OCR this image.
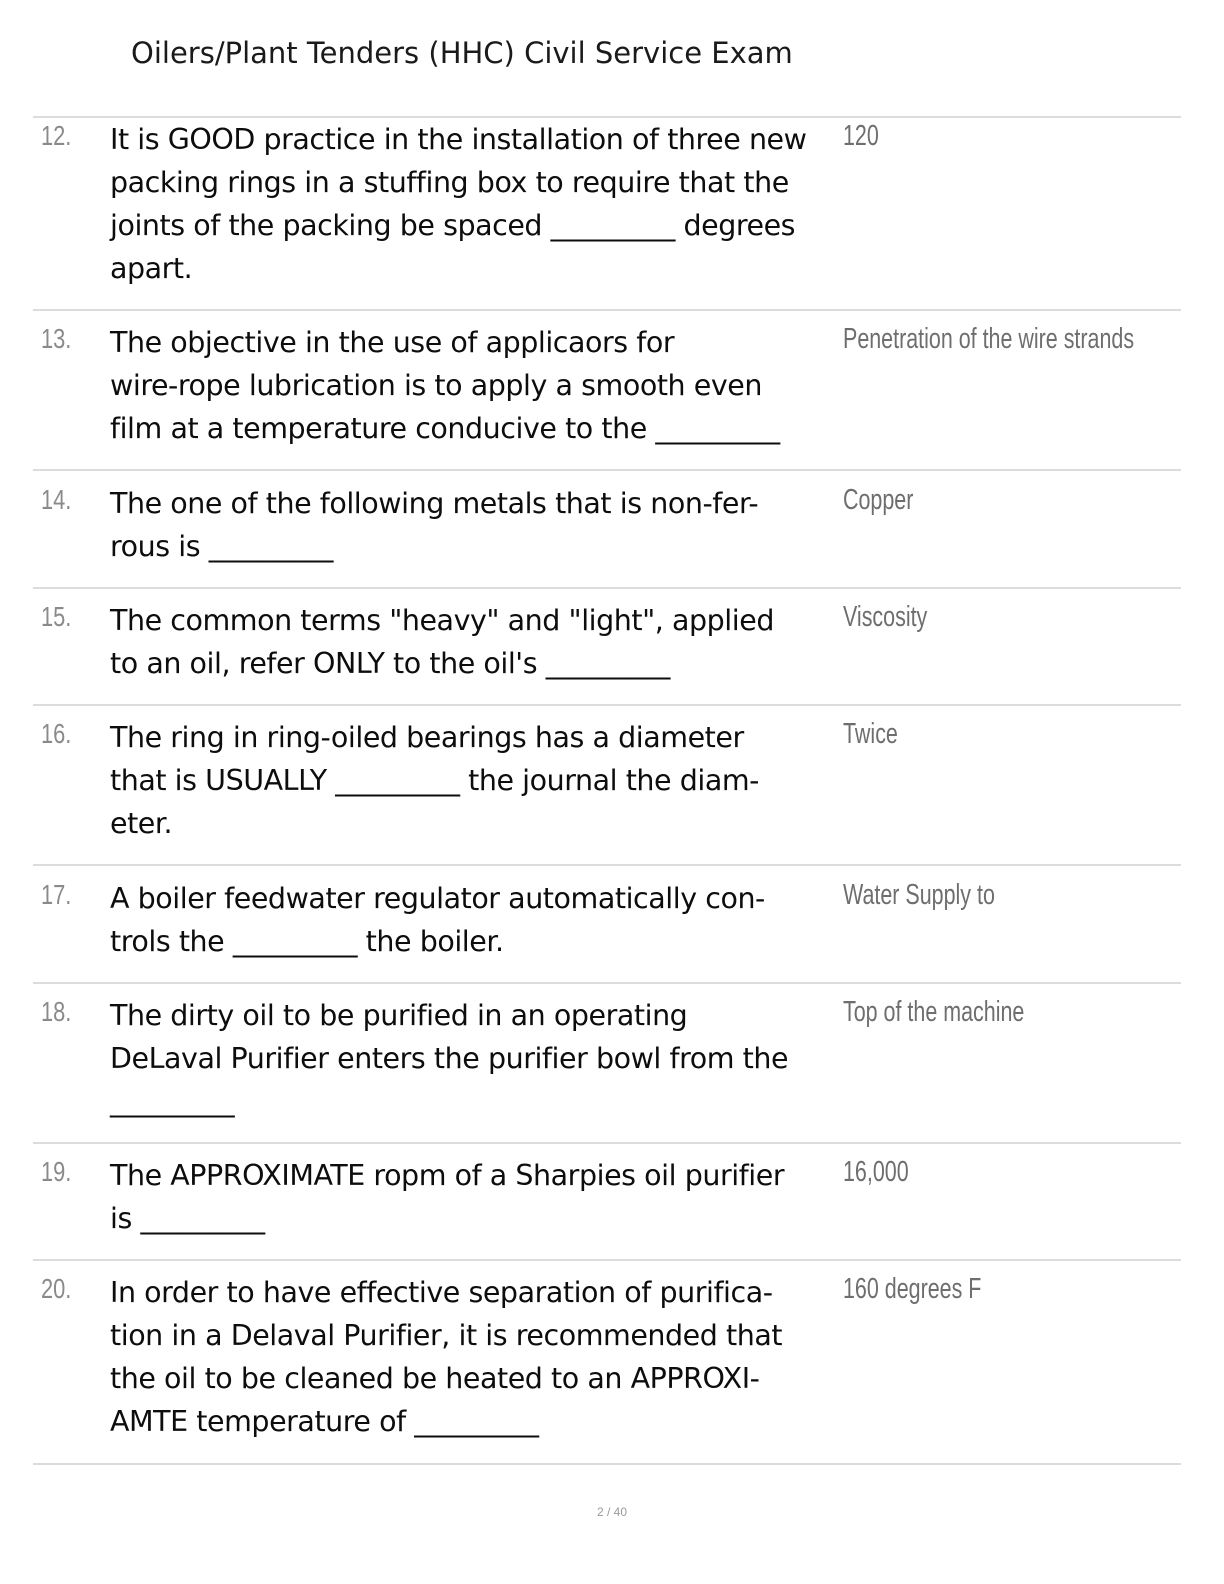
Oilers/Plant Tenders (HHC) Civil Service Exam
12. It is GOOD practice in the installation of three new
packing rings in a stuffing box to require that the
joints of the packing be spaced _________ degrees
apart.
120
13. The objective in the use of applicaors for
wire-rope lubrication is to apply a smooth even
film at a temperature conducive to the _________
Penetration of the wire strands
14. The one of the following metals that is non-fer-
rous is _________
Copper
15. The common terms "heavy" and "light", applied
to an oil, refer ONLY to the oil's _________
Viscosity
16. The ring in ring-oiled bearings has a diameter
that is USUALLY _________ the journal the diam-
eter.
Twice
17. A boiler feedwater regulator automatically con-
trols the _________ the boiler.
Water Supply to
18. The dirty oil to be purified in an operating
DeLaval Purifier enters the purifier bowl from the
_________
Top of the machine
19. The APPROXIMATE ropm of a Sharpies oil purifier
is _________
16,000
20. In order to have effective separation of purifica-
tion in a Delaval Purifier, it is recommended that
the oil to be cleaned be heated to an APPROXI-
AMTE temperature of _________
160 degrees F
2 / 40
